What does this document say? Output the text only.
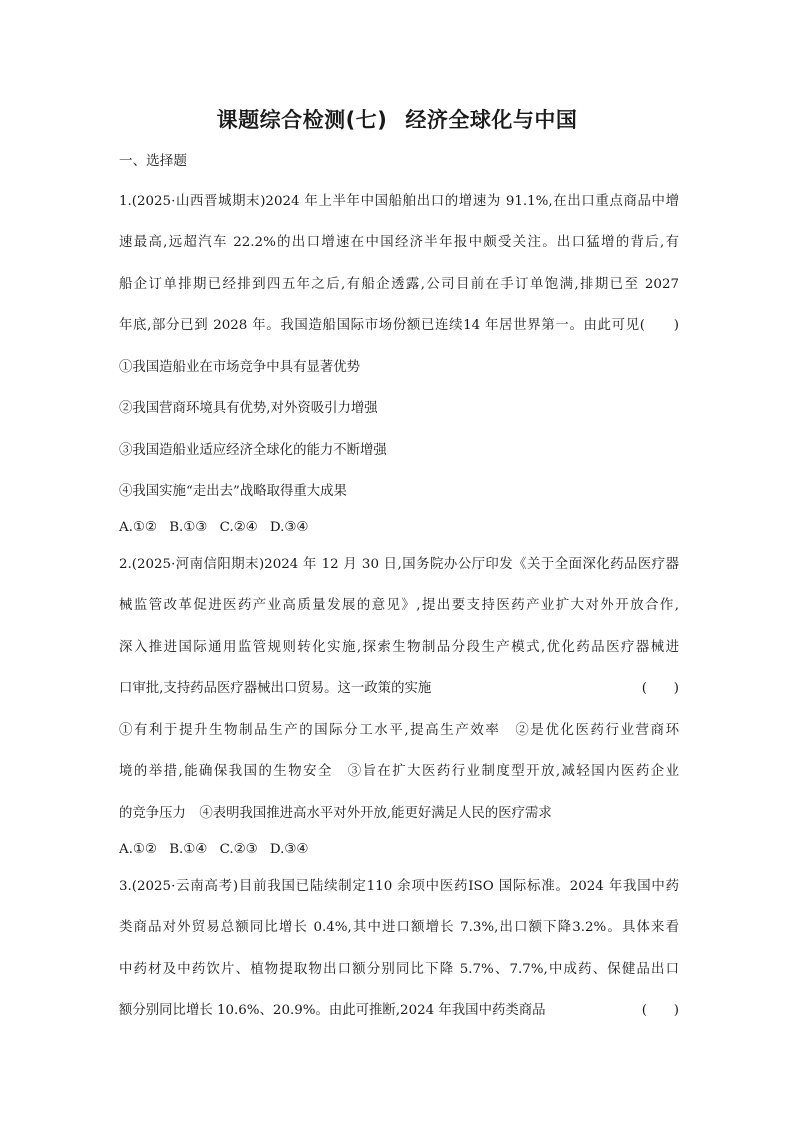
课题综合检测(七) 经济全球化与中国
一、选择题
1.(2025·山西晋城期末)2024 年上半年中国船舶出口的增速为 91.1%,在出口重点商品中增
速最高,远超汽车 22.2%的出口增速在中国经济半年报中颇受关注。出口猛增的背后,有
船企订单排期已经排到四五年之后,有船企透露,公司目前在手订单饱满,排期已至 2027
年底,部分已到 2028 年。我国造船国际市场份额已连续14 年居世界第一。由此可见(　　)
①我国造船业在市场竞争中具有显著优势
②我国营商环境具有优势,对外资吸引力增强
③我国造船业适应经济全球化的能力不断增强
④我国实施“走出去”战略取得重大成果
A.①② B.①③ C.②④ D.③④
2.(2025·河南信阳期末)2024 年 12 月 30 日,国务院办公厅印发《关于全面深化药品医疗器
械监管改革促进医药产业高质量发展的意见》,提出要支持医药产业扩大对外开放合作,
深入推进国际通用监管规则转化实施,探索生物制品分段生产模式,优化药品医疗器械进
口审批,支持药品医疗器械出口贸易。这一政策的实施	(　　)
①有利于提升生物制品生产的国际分工水平,提高生产效率　②是优化医药行业营商环
境的举措,能确保我国的生物安全　③旨在扩大医药行业制度型开放,减轻国内医药企业
的竞争压力　④表明我国推进高水平对外开放,能更好满足人民的医疗需求
A.①② B.①④ C.②③ D.③④
3.(2025·云南高考)目前我国已陆续制定110 余项中医药ISO 国际标准。2024 年我国中药
类商品对外贸易总额同比增长 0.4%,其中进口额增长 7.3%,出口额下降3.2%。具体来看
中药材及中药饮片、植物提取物出口额分别同比下降 5.7%、7.7%,中成药、保健品出口
额分别同比增长 10.6%、20.9%。由此可推断,2024 年我国中药类商品	(　　)
